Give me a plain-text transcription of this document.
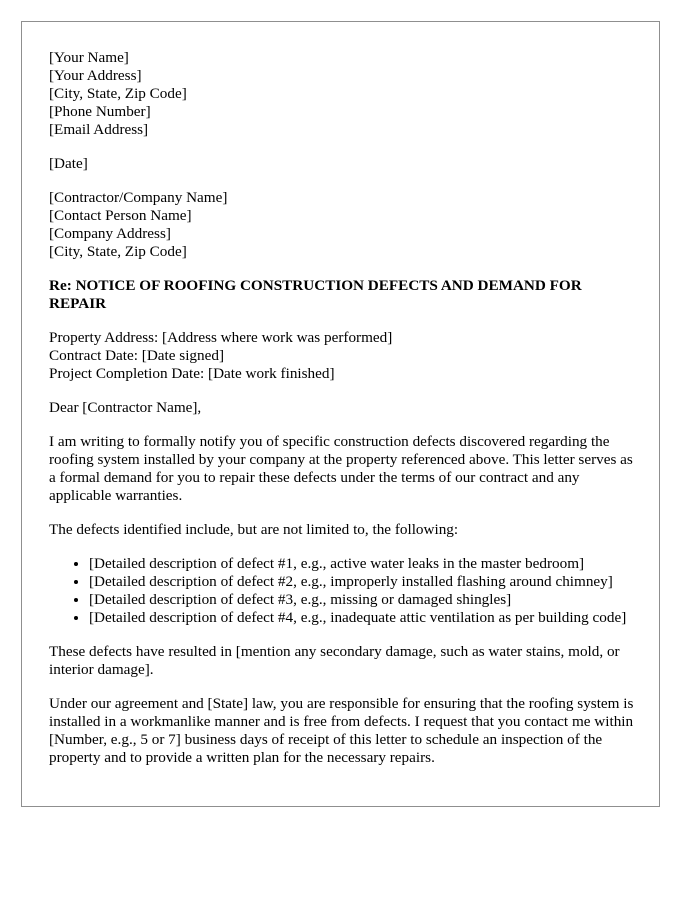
[Your Name]
[Your Address]
[City, State, Zip Code]
[Phone Number]
[Email Address]
[Date]
[Contractor/Company Name]
[Contact Person Name]
[Company Address]
[City, State, Zip Code]
Re: NOTICE OF ROOFING CONSTRUCTION DEFECTS AND DEMAND FOR REPAIR
Property Address: [Address where work was performed]
Contract Date: [Date signed]
Project Completion Date: [Date work finished]

Dear [Contractor Name],

I am writing to formally notify you of specific construction defects discovered regarding the roofing system installed by your company at the property referenced above. This letter serves as a formal demand for you to repair these defects under the terms of our contract and any applicable warranties.

The defects identified include, but are not limited to, the following:

• [Detailed description of defect #1, e.g., active water leaks in the master bedroom]
• [Detailed description of defect #2, e.g., improperly installed flashing around chimney]
• [Detailed description of defect #3, e.g., missing or damaged shingles]
• [Detailed description of defect #4, e.g., inadequate attic ventilation as per building code]

These defects have resulted in [mention any secondary damage, such as water stains, mold, or interior damage].

Under our agreement and [State] law, you are responsible for ensuring that the roofing system is installed in a workmanlike manner and is free from defects. I request that you contact me within [Number, e.g., 5 or 7] business days of receipt of this letter to schedule an inspection of the property and to provide a written plan for the necessary repairs.
